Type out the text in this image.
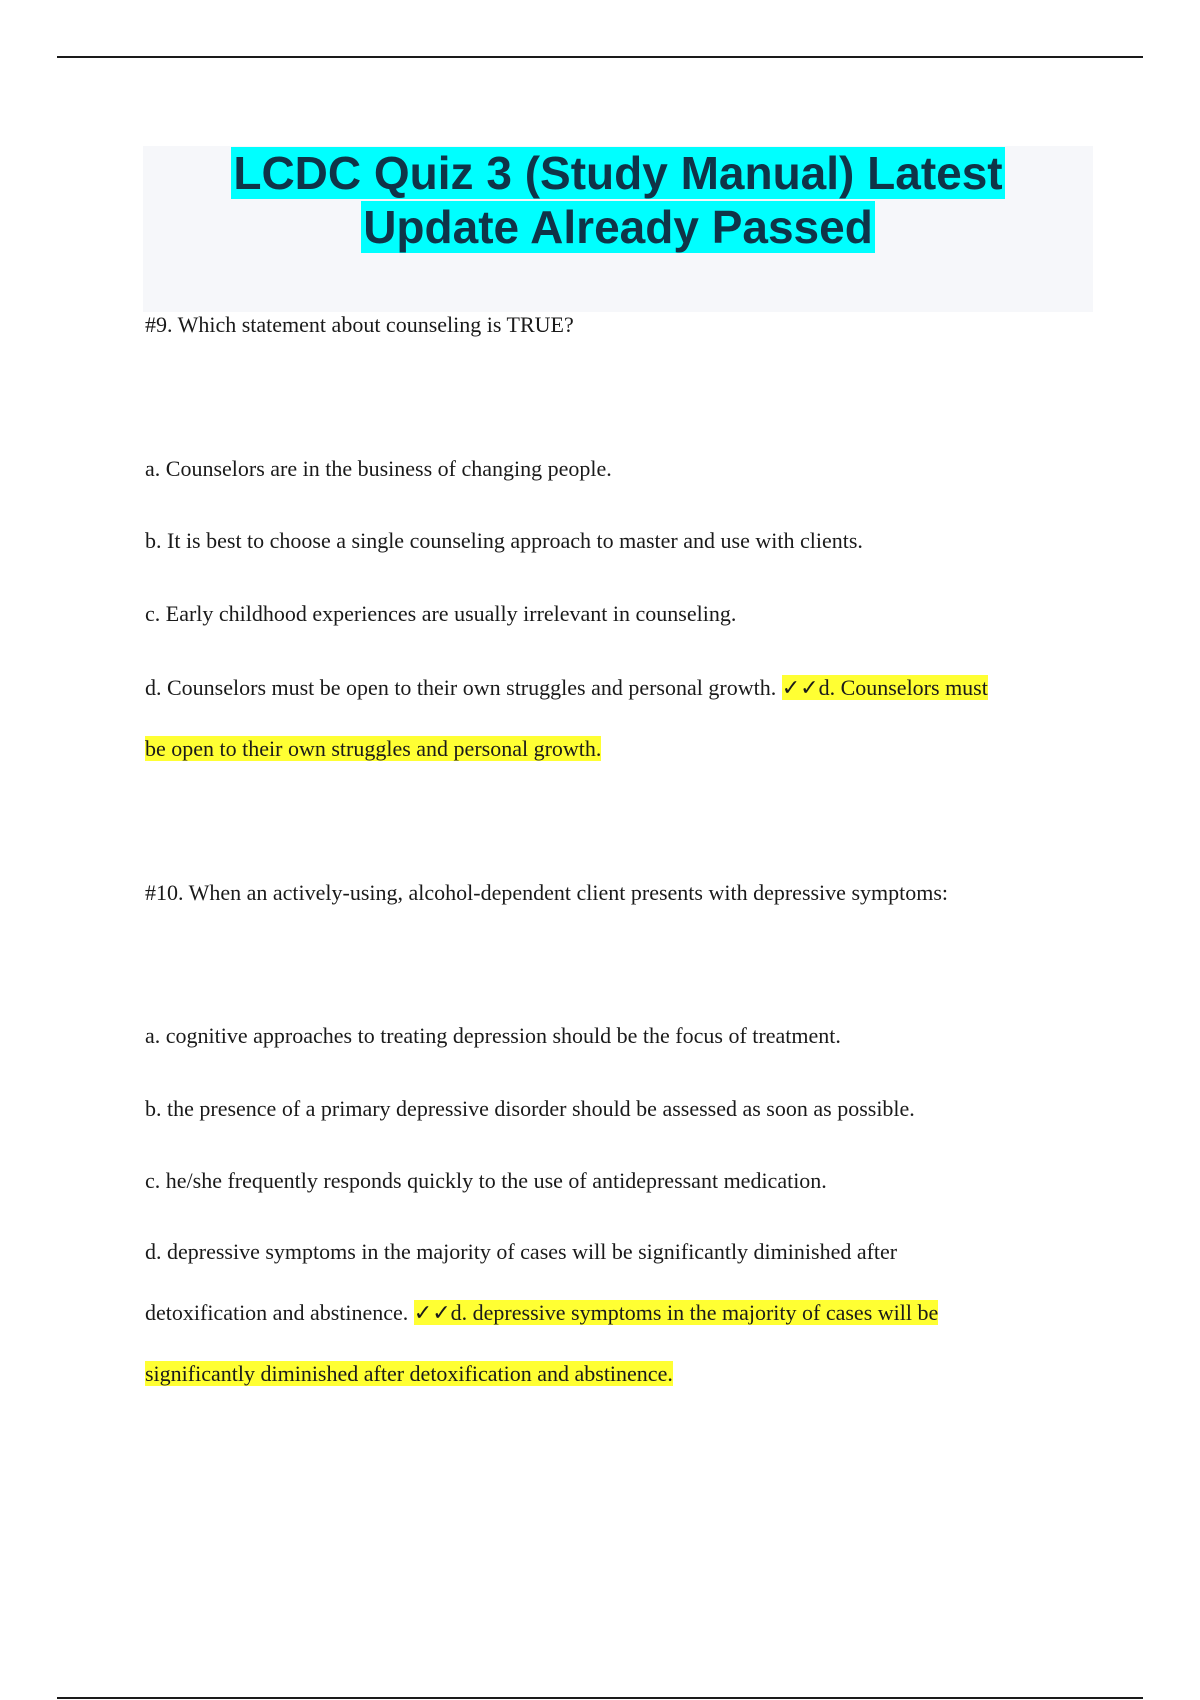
LCDC Quiz 3 (Study Manual) Latest
Update Already Passed
#9. Which statement about counseling is TRUE?
a. Counselors are in the business of changing people.
b. It is best to choose a single counseling approach to master and use with clients.
c. Early childhood experiences are usually irrelevant in counseling.
d. Counselors must be open to their own struggles and personal growth. ✓✓d. Counselors must
be open to their own struggles and personal growth.
#10. When an actively-using, alcohol-dependent client presents with depressive symptoms:
a. cognitive approaches to treating depression should be the focus of treatment.
b. the presence of a primary depressive disorder should be assessed as soon as possible.
c. he/she frequently responds quickly to the use of antidepressant medication.
d. depressive symptoms in the majority of cases will be significantly diminished after
detoxification and abstinence. ✓✓d. depressive symptoms in the majority of cases will be
significantly diminished after detoxification and abstinence.
